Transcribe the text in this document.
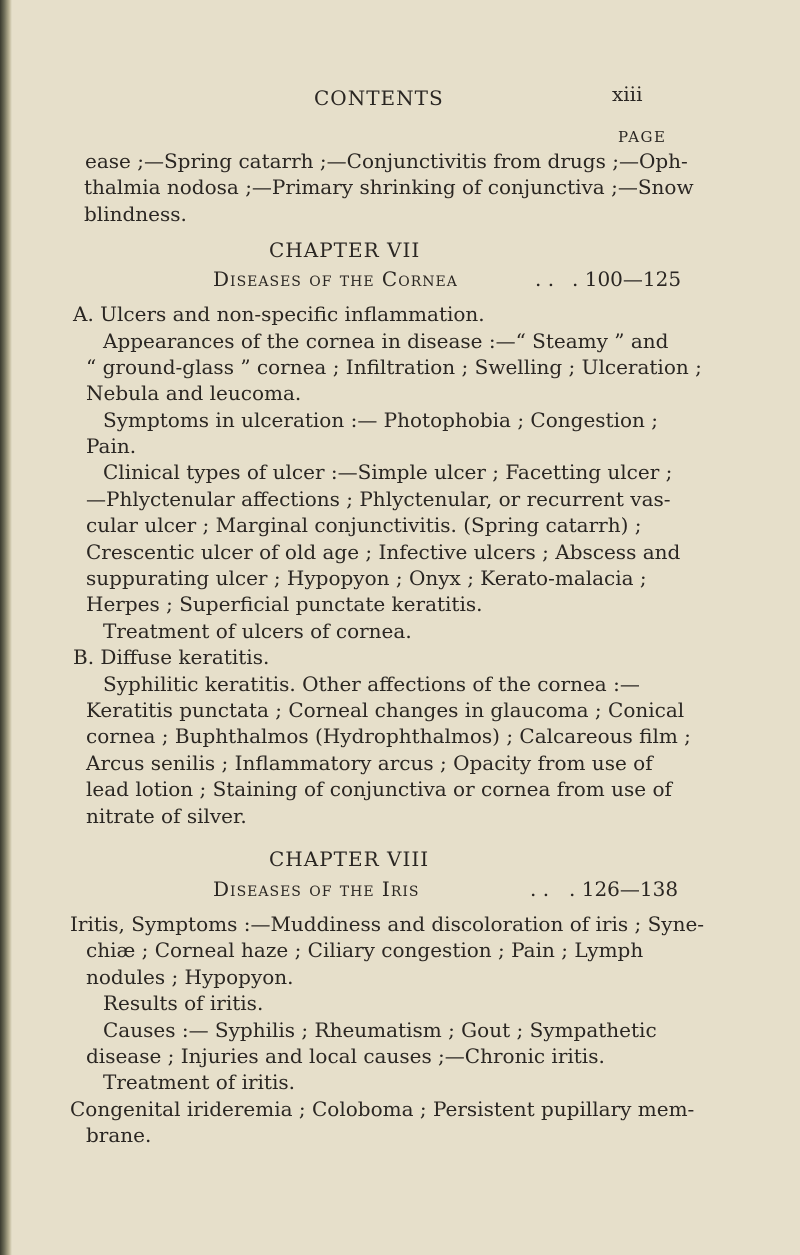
CONTENTS	xiii
PAGE
ease ;—Spring catarrh ;—Conjunctivitis from drugs ;—Oph-
thalmia nodosa ;—Primary shrinking of conjunctiva ;—Snow
blindness.
CHAPTER VII
Diseases of the Cornea	. . . 100—125
A. Ulcers and non-specific inflammation.
Appearances of the cornea in disease :—“ Steamy ” and
“ ground-glass ” cornea ; Infiltration ; Swelling ; Ulceration ;
Nebula and leucoma.
Symptoms in ulceration :— Photophobia ; Congestion ;
Pain.
Clinical types of ulcer :—Simple ulcer ; Facetting ulcer ;
—Phlyctenular affections ; Phlyctenular, or recurrent vas-
cular ulcer ; Marginal conjunctivitis. (Spring catarrh) ;
Crescentic ulcer of old age ; Infective ulcers ; Abscess and
suppurating ulcer ; Hypopyon ; Onyx ; Kerato-malacia ;
Herpes ; Superficial punctate keratitis.
Treatment of ulcers of cornea.
B. Diffuse keratitis.
Syphilitic keratitis. Other affections of the cornea :—
Keratitis punctata ; Corneal changes in glaucoma ; Conical
cornea ; Buphthalmos (Hydrophthalmos) ; Calcareous film ;
Arcus senilis ; Inflammatory arcus ; Opacity from use of
lead lotion ; Staining of conjunctiva or cornea from use of
nitrate of silver.
CHAPTER VIII
Diseases of the Iris	. . . 126—138
Iritis, Symptoms :—Muddiness and discoloration of iris ; Syne-
chiæ ; Corneal haze ; Ciliary congestion ; Pain ; Lymph
nodules ; Hypopyon.
Results of iritis.
Causes :— Syphilis ; Rheumatism ; Gout ; Sympathetic
disease ; Injuries and local causes ;—Chronic iritis.
Treatment of iritis.
Congenital irideremia ; Coloboma ; Persistent pupillary mem-
brane.
